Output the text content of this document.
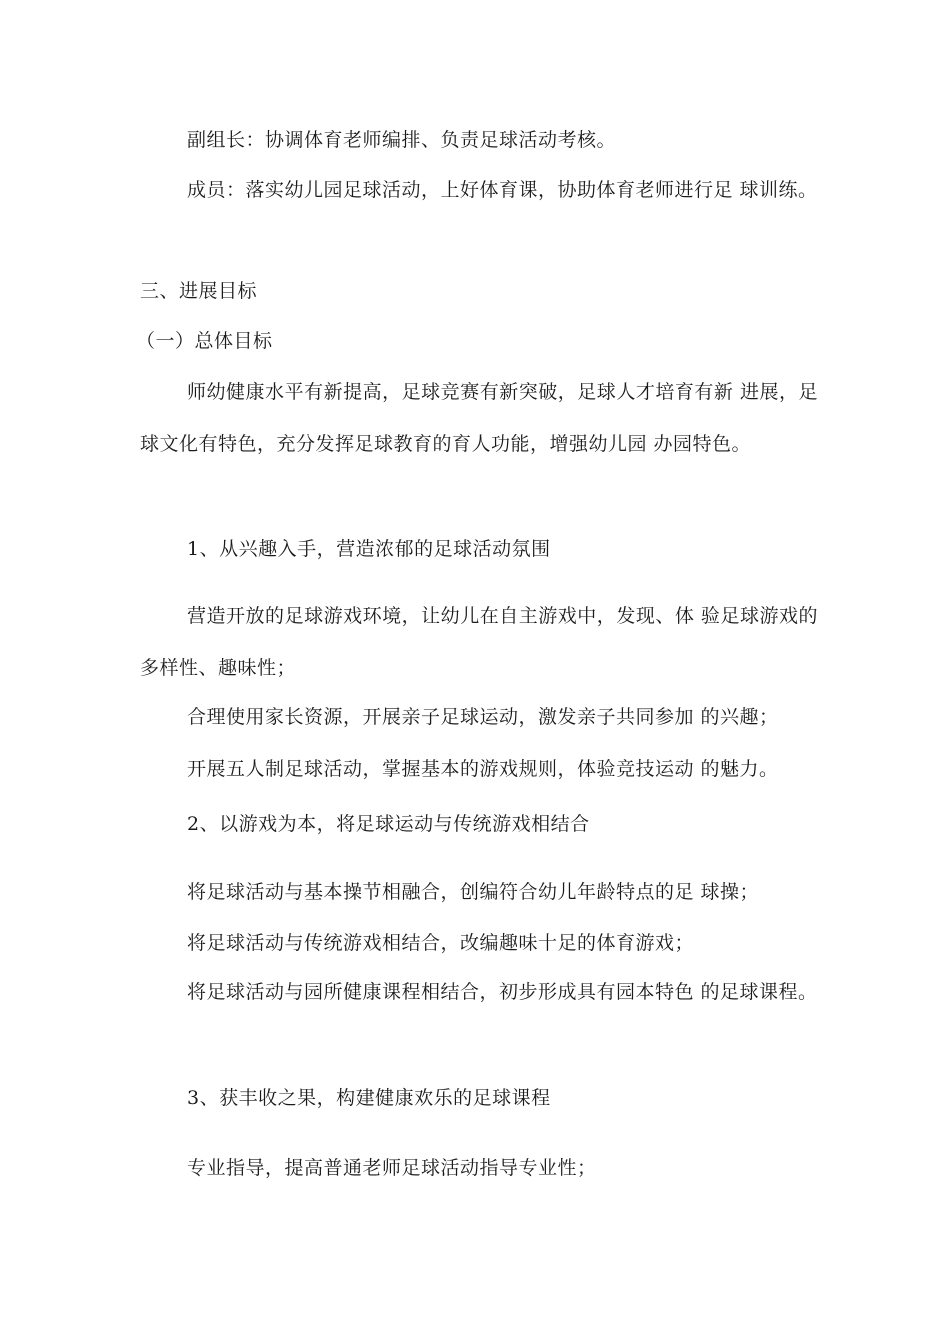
副组长：协调体育老师编排、负责足球活动考核。
成员：落实幼儿园足球活动，上好体育课，协助体育老师进行足 球训练。
三、进展目标
（一）总体目标
师幼健康水平有新提高，足球竞赛有新突破，足球人才培育有新 进展，足球文化有特色，充分发挥足球教育的育人功能，增强幼儿园 办园特色。
1、从兴趣入手，营造浓郁的足球活动氛围
营造开放的足球游戏环境，让幼儿在自主游戏中，发现、体 验足球游戏的多样性、趣味性；
合理使用家长资源，开展亲子足球运动，激发亲子共同参加 的兴趣；
开展五人制足球活动，掌握基本的游戏规则，体验竞技运动 的魅力。
2、以游戏为本，将足球运动与传统游戏相结合
将足球活动与基本操节相融合，创编符合幼儿年龄特点的足 球操；
将足球活动与传统游戏相结合，改编趣味十足的体育游戏；
将足球活动与园所健康课程相结合，初步形成具有园本特色 的足球课程。
3、获丰收之果，构建健康欢乐的足球课程
专业指导，提高普通老师足球活动指导专业性；
